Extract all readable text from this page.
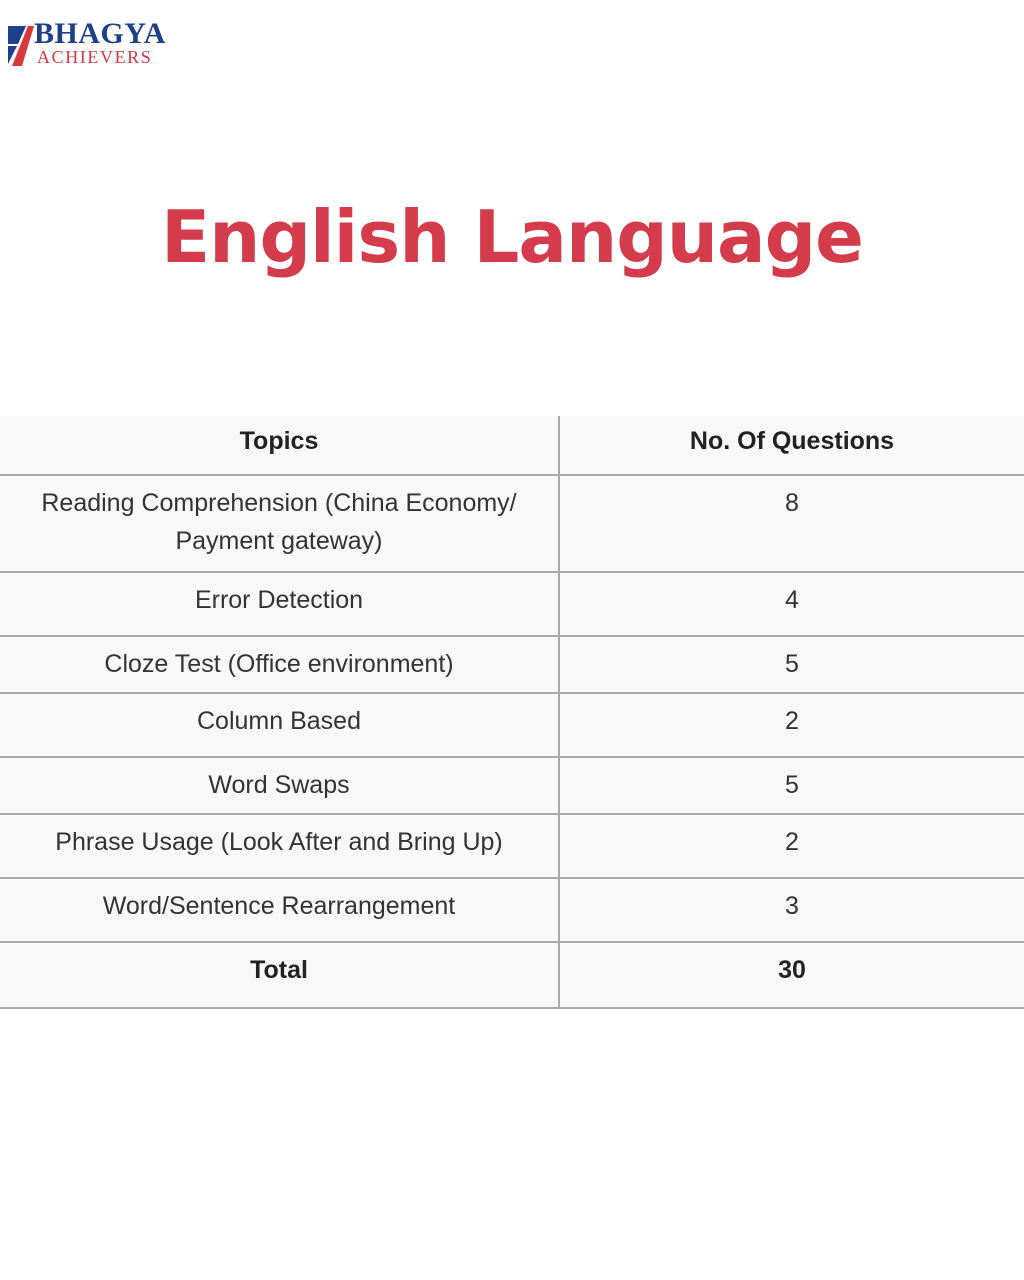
BHAGYA
ACHIEVERS
English Language
Topics	No. Of Questions
Reading Comprehension (China Economy/ Payment gateway)	8
Error Detection	4
Cloze Test (Office environment)	5
Column Based	2
Word Swaps	5
Phrase Usage (Look After and Bring Up)	2
Word/Sentence Rearrangement	3
Total	30
